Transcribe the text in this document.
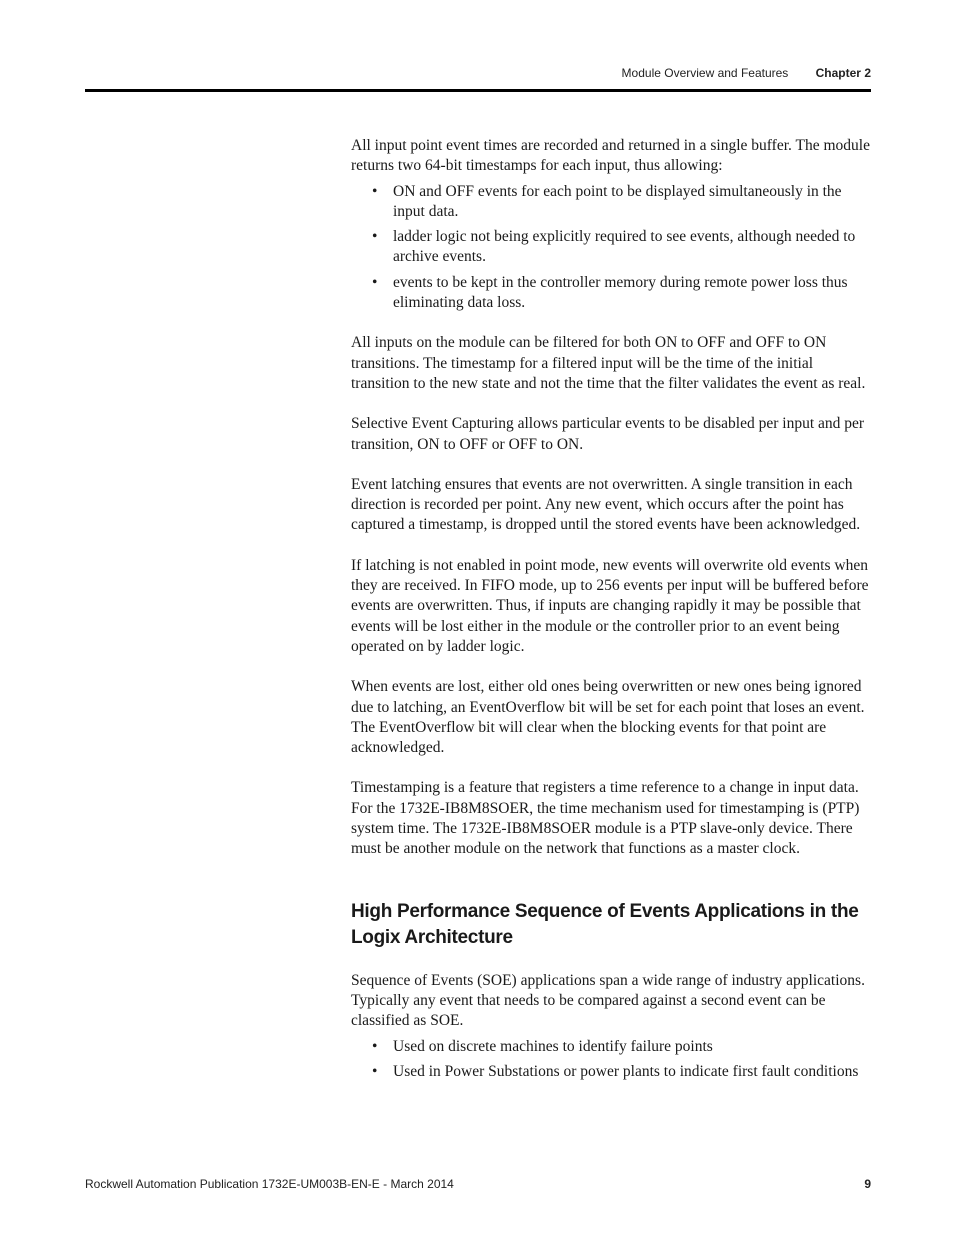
Module Overview and Features Chapter 2

All input point event times are recorded and returned in a single buffer. The module returns two 64-bit timestamps for each input, thus allowing:

• ON and OFF events for each point to be displayed simultaneously in the input data.
• ladder logic not being explicitly required to see events, although needed to archive events.
• events to be kept in the controller memory during remote power loss thus eliminating data loss.

All inputs on the module can be filtered for both ON to OFF and OFF to ON transitions. The timestamp for a filtered input will be the time of the initial transition to the new state and not the time that the filter validates the event as real.

Selective Event Capturing allows particular events to be disabled per input and per transition, ON to OFF or OFF to ON.

Event latching ensures that events are not overwritten. A single transition in each direction is recorded per point. Any new event, which occurs after the point has captured a timestamp, is dropped until the stored events have been acknowledged.

If latching is not enabled in point mode, new events will overwrite old events when they are received. In FIFO mode, up to 256 events per input will be buffered before events are overwritten. Thus, if inputs are changing rapidly it may be possible that events will be lost either in the module or the controller prior to an event being operated on by ladder logic.

When events are lost, either old ones being overwritten or new ones being ignored due to latching, an EventOverflow bit will be set for each point that loses an event. The EventOverflow bit will clear when the blocking events for that point are acknowledged.

Timestamping is a feature that registers a time reference to a change in input data. For the 1732E-IB8M8SOER, the time mechanism used for timestamping is (PTP) system time. The 1732E-IB8M8SOER module is a PTP slave-only device. There must be another module on the network that functions as a master clock.

High Performance Sequence of Events Applications in the Logix Architecture

Sequence of Events (SOE) applications span a wide range of industry applications. Typically any event that needs to be compared against a second event can be classified as SOE.

• Used on discrete machines to identify failure points
• Used in Power Substations or power plants to indicate first fault conditions
Rockwell Automation Publication 1732E-UM003B-EN-E - March 2014	9
